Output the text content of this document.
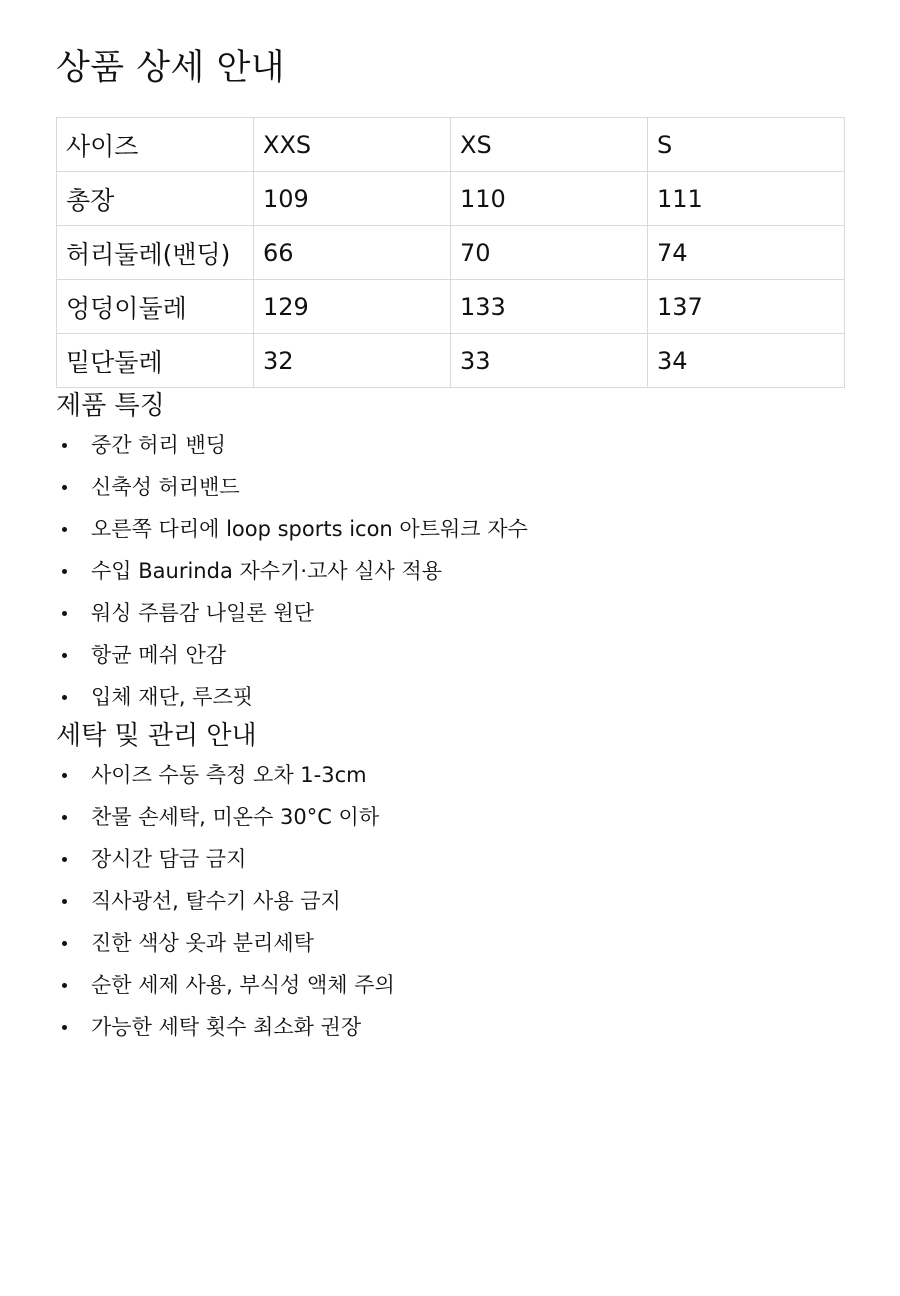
상품 상세 안내
사이즈	XXS	XS	S
총장	109	110	111
허리둘레(밴딩)	66	70	74
엉덩이둘레	129	133	137
밑단둘레	32	33	34
제품 특징
중간 허리 밴딩
신축성 허리밴드
오른쪽 다리에 loop sports icon 아트워크 자수
수입 Baurinda 자수기·고사 실사 적용
워싱 주름감 나일론 원단
항균 메쉬 안감
입체 재단, 루즈핏
세탁 및 관리 안내
사이즈 수동 측정 오차 1-3cm
찬물 손세탁, 미온수 30°C 이하
장시간 담금 금지
직사광선, 탈수기 사용 금지
진한 색상 옷과 분리세탁
순한 세제 사용, 부식성 액체 주의
가능한 세탁 횟수 최소화 권장
